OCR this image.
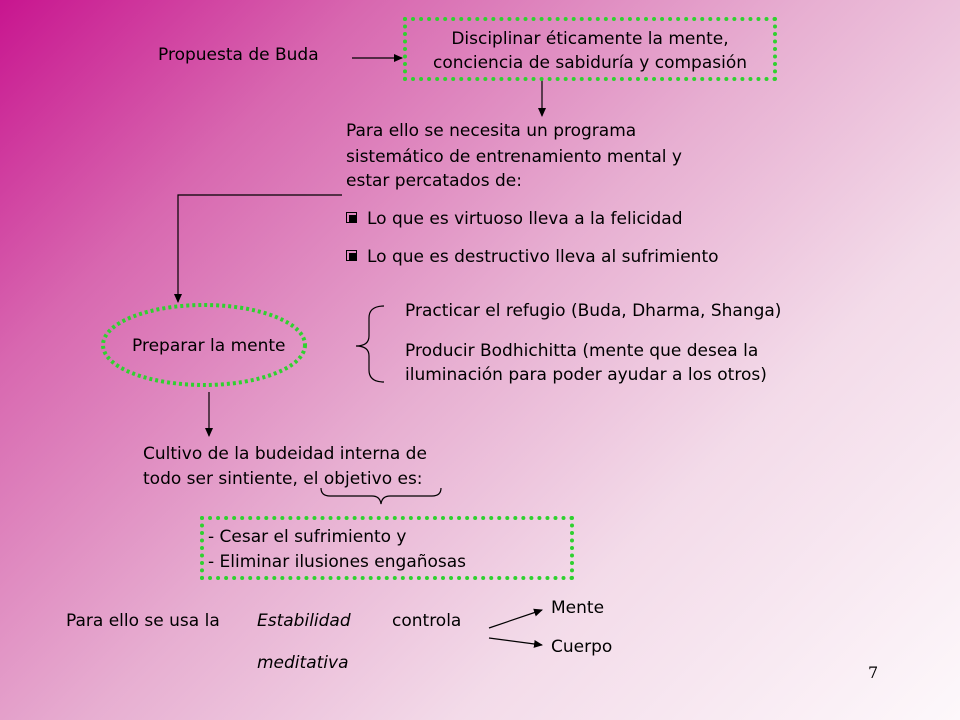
Propuesta de Buda
Disciplinar éticamente la mente,
conciencia de sabiduría y compasión
Para ello se necesita un programa
sistemático de entrenamiento mental y
estar percatados de:
Lo que es virtuoso lleva a la felicidad
Lo que es destructivo lleva al sufrimiento
Preparar la mente
Practicar el refugio (Buda, Dharma, Shanga)
Producir Bodhichitta (mente que desea la
iluminación para poder ayudar a los otros)
Cultivo de la budeidad interna de
todo ser sintiente, el objetivo es:
- Cesar el sufrimiento y
- Eliminar ilusiones engañosas
Para ello se usa la Estabilidad
meditativa
controla
Mente
Cuerpo
7
